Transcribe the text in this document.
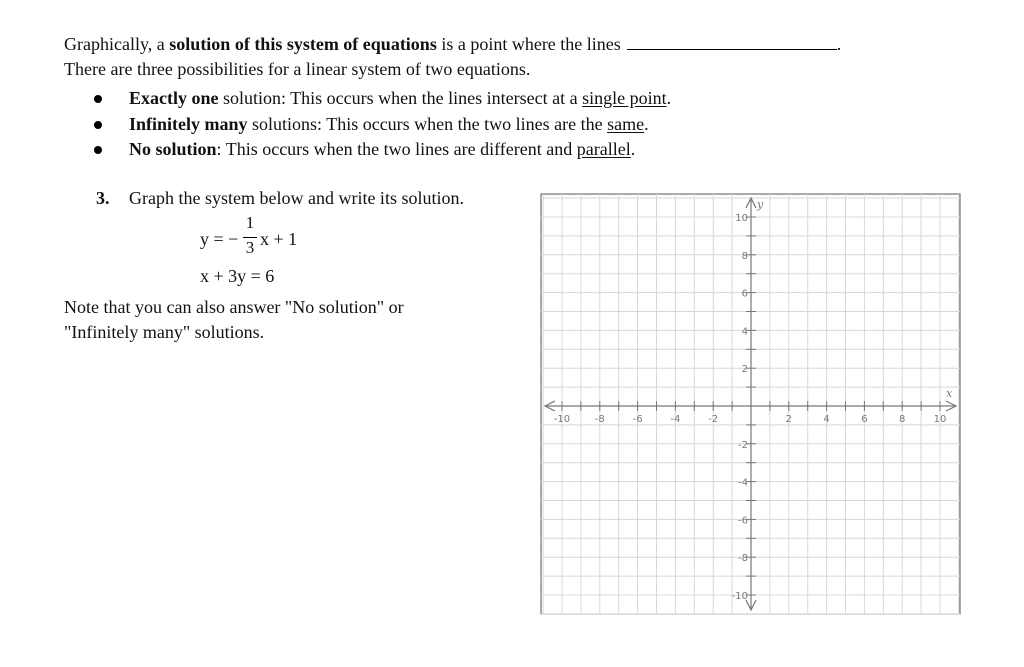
Graphically, a solution of this system of equations is a point where the lines	.
There are three possibilities for a linear system of two equations.
Exactly one solution: This occurs when the lines intersect at a single point.
Infinitely many solutions: This occurs when the two lines are the same.
No solution: This occurs when the two lines are different and parallel.
3. Graph the system below and write its solution.
y = −
1
3 x + 1
x + 3y = 6
Note that you can also answer "No solution" or
"Infinitely many" solutions.
-10 -8	-6	-4	-2	2	4	6	8	10
10
8
6
4
2
-2
-4
-6
-8
-10
x
y
